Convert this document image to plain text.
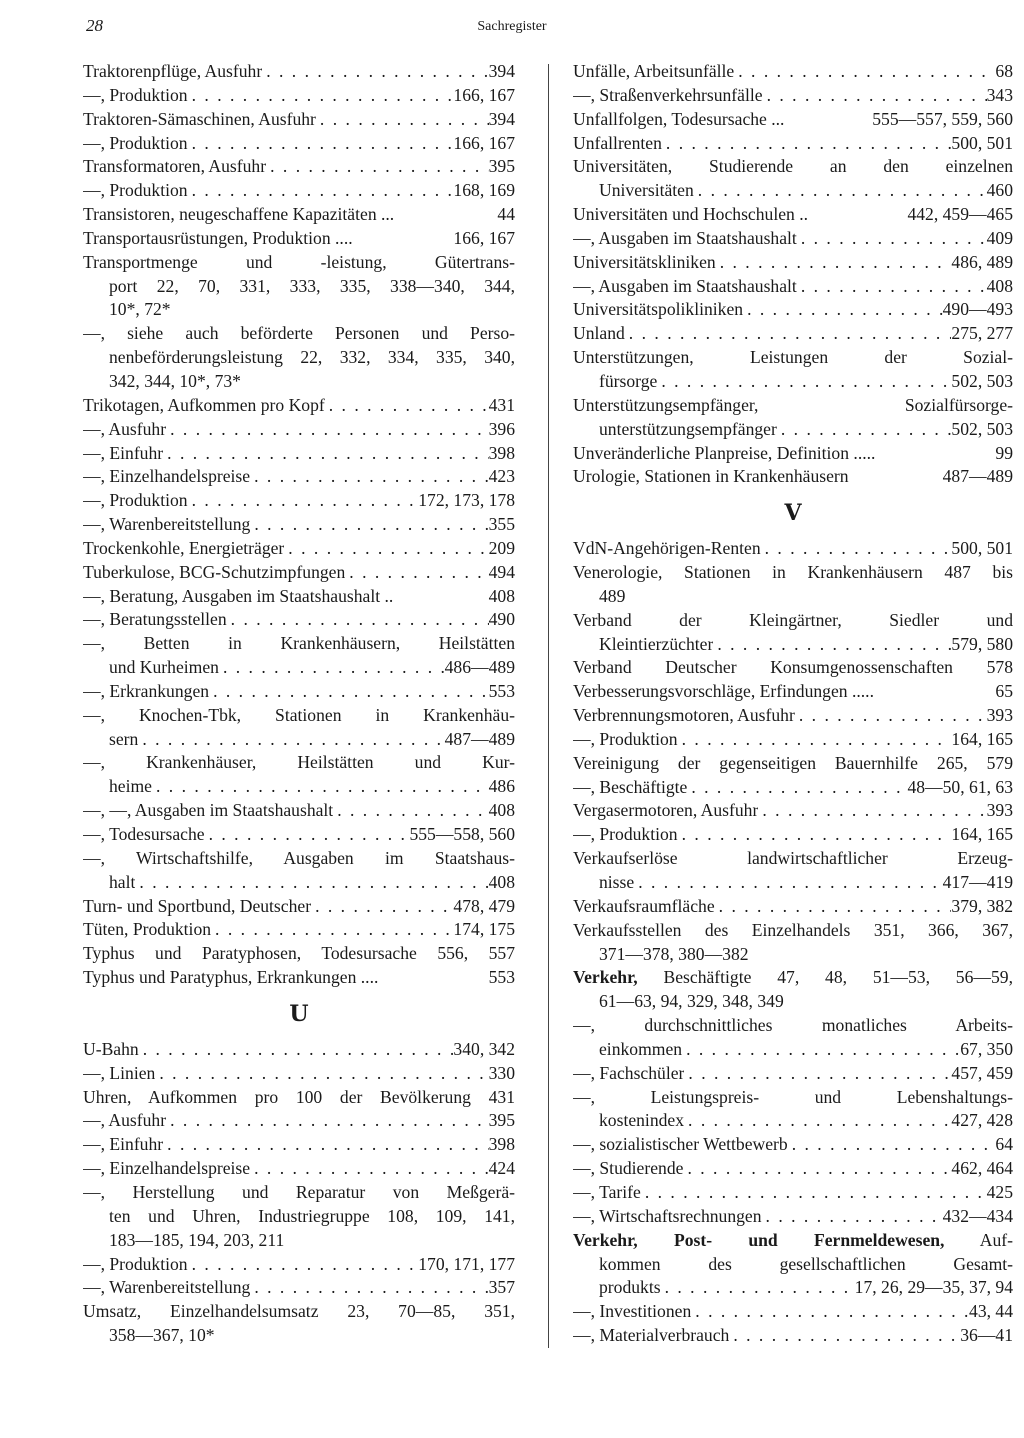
28	Sachregister
Traktorenpflüge, Ausfuhr . . .	394
—, Produktion . . .	166, 167
Traktoren-Sämaschinen, Ausfuhr . . .	394
—, Produktion . . .	166, 167
Transformatoren, Ausfuhr . . .	395
—, Produktion . . .	168, 169
Transistoren, neugeschaffene Kapazitäten ...	44
Transportausrüstungen, Produktion ....	166, 167
Transportmenge und -leistung, Gütertrans-
port 22, 70, 331, 333, 335, 338—340, 344,
10*, 72*
—, siehe auch beförderte Personen und Perso-
nenbeförderungsleistung 22, 332, 334, 335, 340,
342, 344, 10*, 73*
Trikotagen, Aufkommen pro Kopf . . .	431
—, Ausfuhr . . .	396
—, Einfuhr . . .	398
—, Einzelhandelspreise . . .	423
—, Produktion . . .	172, 173, 178
—, Warenbereitstellung . . .	355
Trockenkohle, Energieträger . . .	209
Tuberkulose, BCG-Schutzimpfungen . . .	494
—, Beratung, Ausgaben im Staatshaushalt ..	408
—, Beratungsstellen . . .	490
—, Betten in Krankenhäusern, Heilstätten
und Kurheimen . . .	486—489
—, Erkrankungen . . .	553
—, Knochen-Tbk, Stationen in Krankenhäu-
sern . . .	487—489
—, Krankenhäuser, Heilstätten und Kur-
heime . . .	486
—, —, Ausgaben im Staatshaushalt . . .	408
—, Todesursache . . .	555—558, 560
—, Wirtschaftshilfe, Ausgaben im Staatshaus-
halt . . .	408
Turn- und Sportbund, Deutscher . . .	478, 479
Tüten, Produktion . . .	174, 175
Typhus und Paratyphosen, Todesursache 556, 557
Typhus und Paratyphus, Erkrankungen ....	553
U
U-Bahn . . .	340, 342
—, Linien . . .	330
Uhren, Aufkommen pro 100 der Bevölkerung 431
—, Ausfuhr . . .	395
—, Einfuhr . . .	398
—, Einzelhandelspreise . . .	424
—, Herstellung und Reparatur von Meßgerä-
ten und Uhren, Industriegruppe 108, 109, 141,
183—185, 194, 203, 211
—, Produktion . . .	170, 171, 177
—, Warenbereitstellung . . .	357
Umsatz, Einzelhandelsumsatz 23, 70—85, 351,
358—367, 10*
Unfälle, Arbeitsunfälle . . .	68
—, Straßenverkehrsunfälle . . .	343
Unfallfolgen, Todesursache ...	555—557, 559, 560
Unfallrenten . . .	500, 501
Universitäten, Studierende an den einzelnen
Universitäten . . .	460
Universitäten und Hochschulen ..	442, 459—465
—, Ausgaben im Staatshaushalt . . .	409
Universitätskliniken . . .	486, 489
—, Ausgaben im Staatshaushalt . . .	408
Universitätspolikliniken . . .	490—493
Unland . . .	275, 277
Unterstützungen, Leistungen der Sozial-
fürsorge . . .	502, 503
Unterstützungsempfänger, Sozialfürsorge-
unterstützungsempfänger . . .	502, 503
Unveränderliche Planpreise, Definition .....	99
Urologie, Stationen in Krankenhäusern	487—489
V
VdN-Angehörigen-Renten . . .	500, 501
Venerologie, Stationen in Krankenhäusern 487 bis
489
Verband der Kleingärtner, Siedler und
Kleintierzüchter . . .	579, 580
Verband Deutscher Konsumgenossenschaften 578
Verbesserungsvorschläge, Erfindungen .....	65
Verbrennungsmotoren, Ausfuhr . . .	393
—, Produktion . . .	164, 165
Vereinigung der gegenseitigen Bauernhilfe 265, 579
—, Beschäftigte . . .	48—50, 61, 63
Vergasermotoren, Ausfuhr . . .	393
—, Produktion . . .	164, 165
Verkaufserlöse landwirtschaftlicher Erzeug-
nisse . . .	417—419
Verkaufsraumfläche . . .	379, 382
Verkaufsstellen des Einzelhandels 351, 366, 367,
371—378, 380—382
Verkehr, Beschäftigte 47, 48, 51—53, 56—59,
61—63, 94, 329, 348, 349
—, durchschnittliches monatliches Arbeits-
einkommen . . .	67, 350
—, Fachschüler . . .	457, 459
—, Leistungspreis- und Lebenshaltungs-
kostenindex . . .	427, 428
—, sozialistischer Wettbewerb . . .	64
—, Studierende . . .	462, 464
—, Tarife . . .	425
—, Wirtschaftsrechnungen . . .	432—434
Verkehr, Post- und Fernmeldewesen, Auf-
kommen des gesellschaftlichen Gesamt-
produkts . . .	17, 26, 29—35, 37, 94
—, Investitionen . . .	43, 44
—, Materialverbrauch . . .	36—41
